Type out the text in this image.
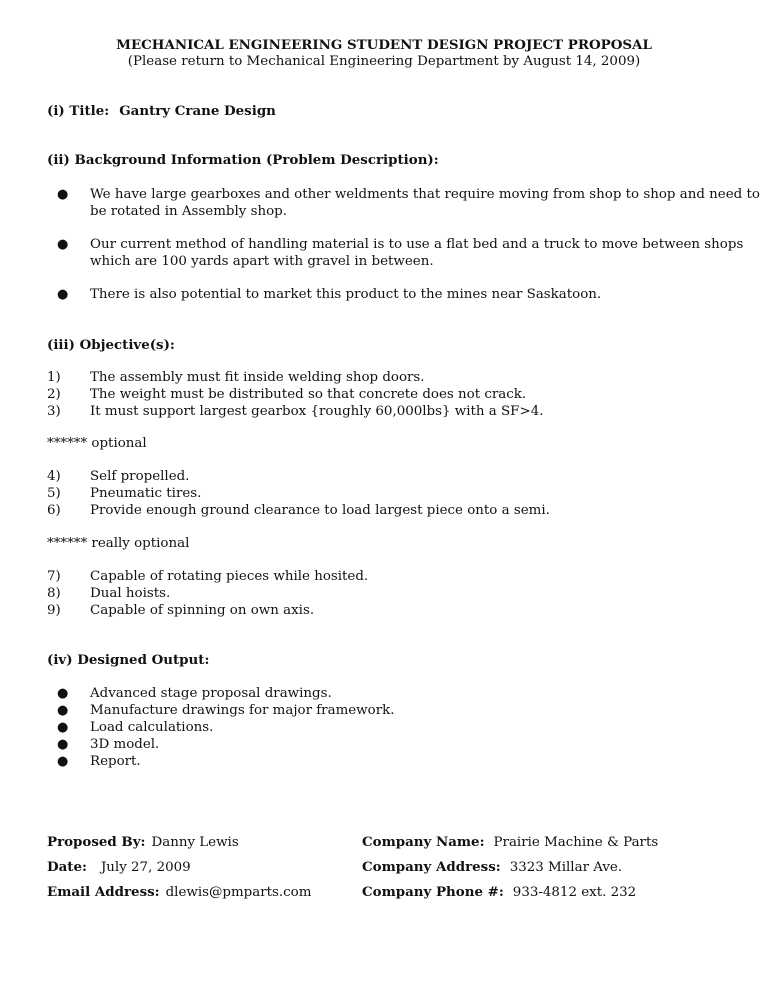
MECHANICAL ENGINEERING STUDENT DESIGN PROJECT PROPOSAL
(Please return to Mechanical Engineering Department by August 14, 2009)
(i) Title: Gantry Crane Design
(ii) Background Information (Problem Description):
● We have large gearboxes and other weldments that require moving from shop to shop and need to
be rotated in Assembly shop.
● Our current method of handling material is to use a flat bed and a truck to move between shops
which are 100 yards apart with gravel in between.
● There is also potential to market this product to the mines near Saskatoon.
(iii) Objective(s):
1) The assembly must fit inside welding shop doors.
2) The weight must be distributed so that concrete does not crack.
3) It must support largest gearbox {roughly 60,000lbs} with a SF>4.
****** optional
4) Self propelled.
5) Pneumatic tires.
6) Provide enough ground clearance to load largest piece onto a semi.
****** really optional
7) Capable of rotating pieces while hosited.
8) Dual hoists.
9) Capable of spinning on own axis.
(iv) Designed Output:
● Advanced stage proposal drawings.
● Manufacture drawings for major framework.
● Load calculations.
● 3D model.
● Report.
Proposed By: Danny Lewis
Date: July 27, 2009
Email Address: dlewis@pmparts.com
Company Name: Prairie Machine & Parts
Company Address: 3323 Millar Ave.
Company Phone #: 933-4812 ext. 232
